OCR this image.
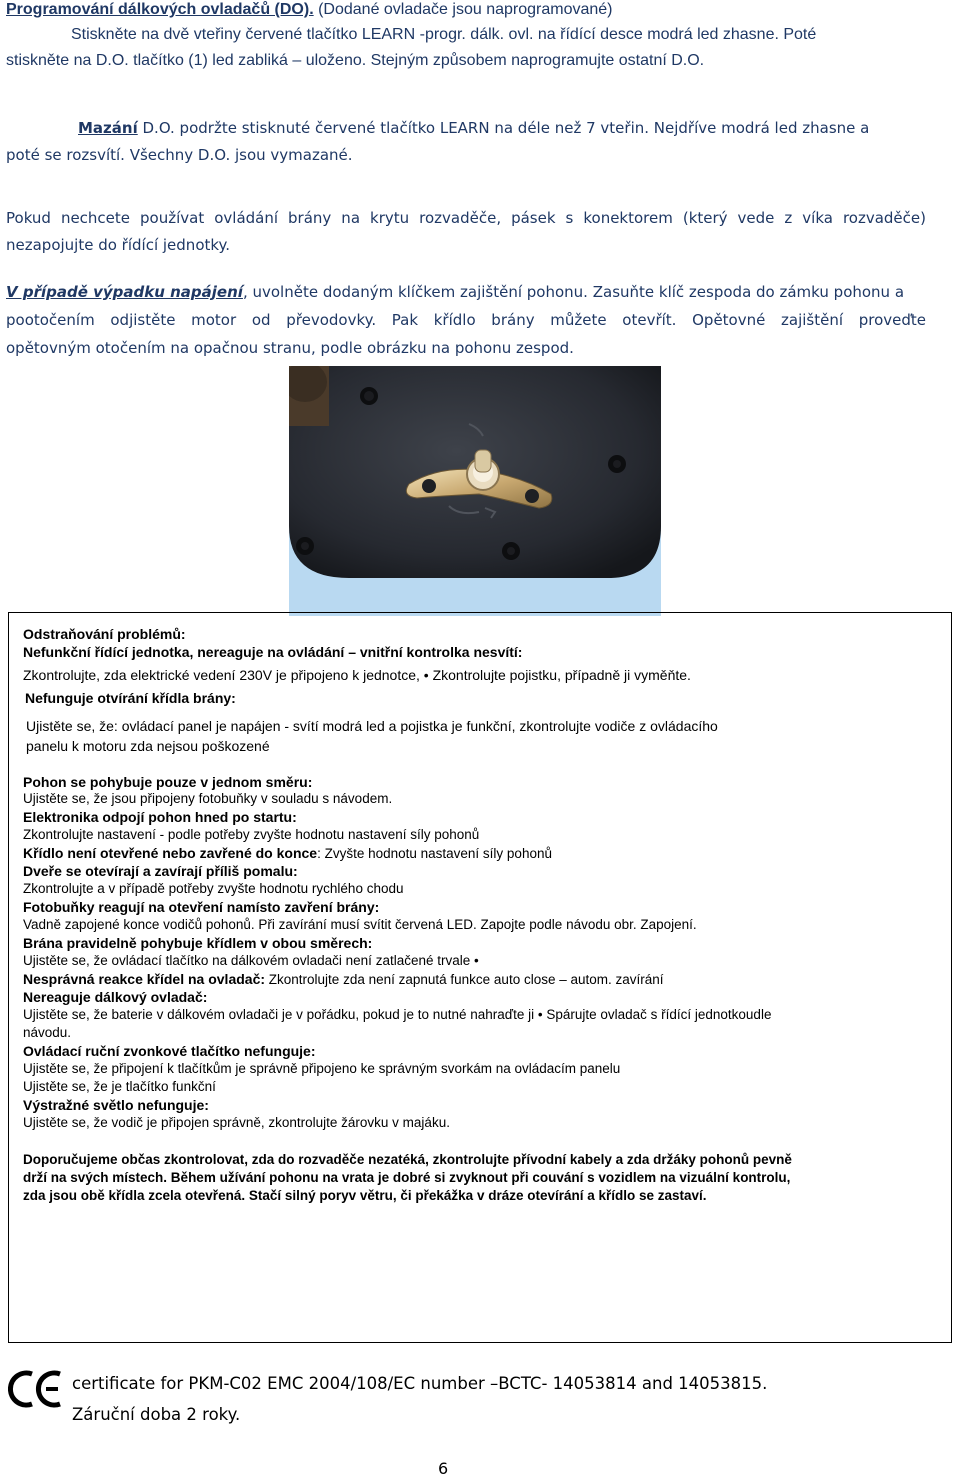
Programování dálkových ovladačů (DO). (Dodané ovladače jsou naprogramované)
Stiskněte na dvě vteřiny červené tlačítko LEARN -progr. dálk. ovl. na řídící desce modrá led zhasne. Poté
stiskněte na D.O. tlačítko (1) led zabliká – uloženo. Stejným způsobem naprogramujte ostatní D.O.
Mazání D.O. podržte stisknuté červené tlačítko LEARN na déle než 7 vteřin. Nejdříve modrá led zhasne a
poté se rozsvítí. Všechny D.O. jsou vymazané.
Pokud nechcete používat ovládání brány na krytu rozvaděče, pásek s konektorem (který vede z víka rozvaděče)
nezapojujte do řídící jednotky.
V případě výpadku napájení, uvolněte dodaným klíčkem zajištění pohonu. Zasuňte klíč zespoda do zámku pohonu a
pootočením odjistěte motor od převodovky. Pak křídlo brány můžete otevřít. Opětovné zajištění proveďte
opětovným otočením na opačnou stranu, podle obrázku na pohonu zespod.
Odstraňování problémů:
Nefunkční řídící jednotka, nereaguje na ovládání – vnitřní kontrolka nesvítí:
Zkontrolujte, zda elektrické vedení 230V je připojeno k jednotce, • Zkontrolujte pojistku, případně ji vyměňte.
Nefunguje otvírání křídla brány:
Ujistěte se, že: ovládací panel je napájen - svítí modrá led a pojistka je funkční, zkontrolujte vodiče z ovládacího
panelu k motoru zda nejsou poškozené
Pohon se pohybuje pouze v jednom směru:
Ujistěte se, že jsou připojeny fotobuňky v souladu s návodem.
Elektronika odpojí pohon hned po startu:
Zkontrolujte nastavení - podle potřeby zvyšte hodnotu nastavení síly pohonů
Křídlo není otevřené nebo zavřené do konce: Zvyšte hodnotu nastavení síly pohonů
Dveře se otevírají a zavírají příliš pomalu:
Zkontrolujte a v případě potřeby zvyšte hodnotu rychlého chodu
Fotobuňky reagují na otevření namísto zavření brány:
Vadně zapojené konce vodičů pohonů. Při zavírání musí svítit červená LED. Zapojte podle návodu obr. Zapojení.
Brána pravidelně pohybuje křídlem v obou směrech:
Ujistěte se, že ovládací tlačítko na dálkovém ovladači není zatlačené trvale •
Nesprávná reakce křídel na ovladač: Zkontrolujte zda není zapnutá funkce auto close – autom. zavírání
Nereaguje dálkový ovladač:
Ujistěte se, že baterie v dálkovém ovladači je v pořádku, pokud je to nutné nahraďte ji • Spárujte ovladač s řídící jednotkoudle
návodu.
Ovládací ruční zvonkové tlačítko nefunguje:
Ujistěte se, že připojení k tlačítkům je správně připojeno ke správným svorkám na ovládacím panelu
Ujistěte se, že je tlačítko funkční
Výstražné světlo nefunguje:
Ujistěte se, že vodič je připojen správně, zkontrolujte žárovku v majáku.
Doporučujeme občas zkontrolovat, zda do rozvaděče nezatéká, zkontrolujte přívodní kabely a zda držáky pohonů pevně
drží na svých místech. Během užívání pohonu na vrata je dobré si zvyknout při couvání s vozidlem na vizuální kontrolu,
zda jsou obě křídla zcela otevřená. Stačí silný poryv větru, či překážka v dráze otevírání a křídlo se zastaví.
certificate for PKM-C02 EMC 2004/108/EC number –BCTC- 14053814 and 14053815.
Záruční doba 2 roky.
6
